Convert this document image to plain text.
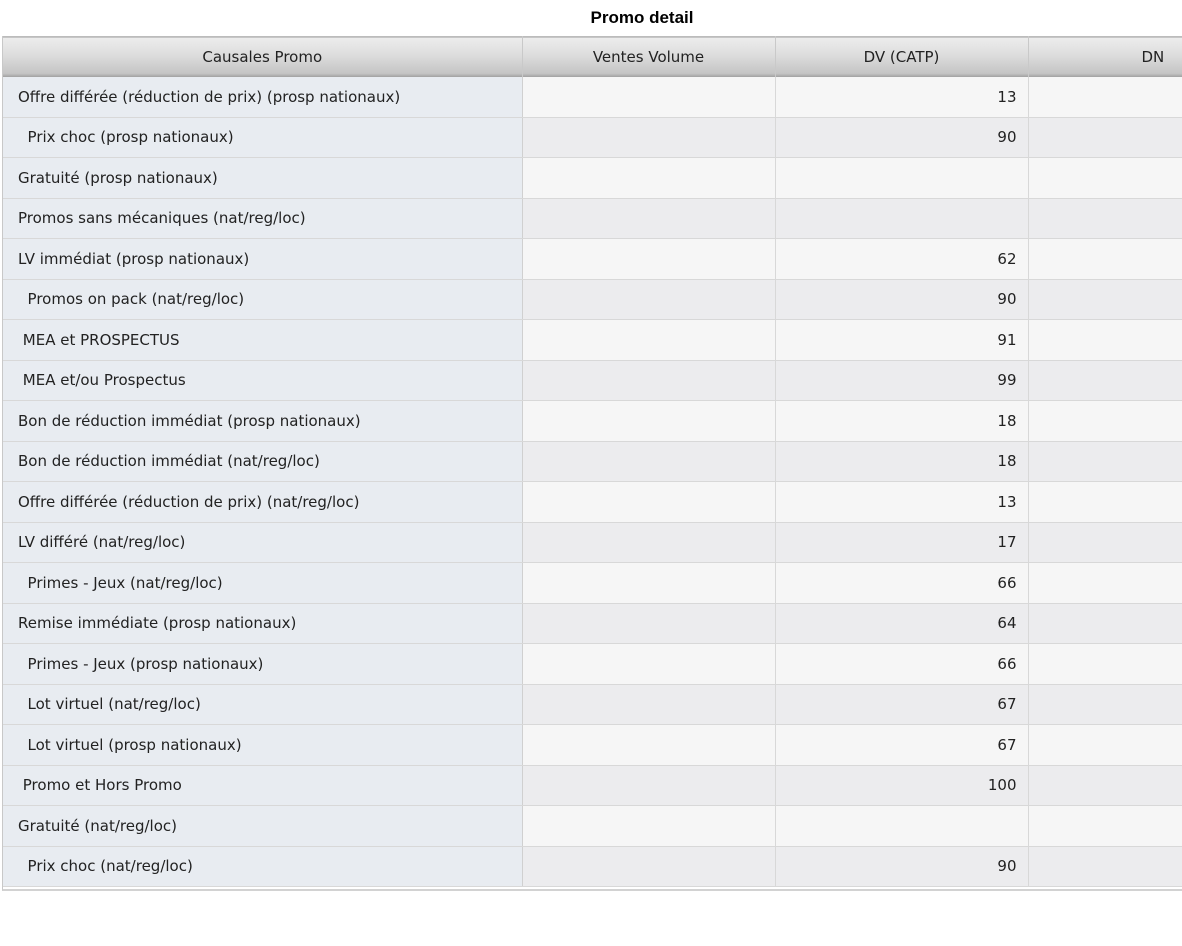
Promo detail
Causales Promo	Ventes Volume	DV (CATP)	DN
Offre différée (réduction de prix) (prosp nationaux)		13	
Prix choc (prosp nationaux)		90	
Gratuité (prosp nationaux)			
Promos sans mécaniques (nat/reg/loc)			
LV immédiat (prosp nationaux)		62	
Promos on pack (nat/reg/loc)		90	
MEA et PROSPECTUS		91	
MEA et/ou Prospectus		99	
Bon de réduction immédiat (prosp nationaux)		18	
Bon de réduction immédiat (nat/reg/loc)		18	
Offre différée (réduction de prix) (nat/reg/loc)		13	
LV différé (nat/reg/loc)		17	
Primes - Jeux (nat/reg/loc)		66	
Remise immédiate (prosp nationaux)		64	
Primes - Jeux (prosp nationaux)		66	
Lot virtuel (nat/reg/loc)		67	
Lot virtuel (prosp nationaux)		67	
Promo et Hors Promo		100	
Gratuité (nat/reg/loc)			
Prix choc (nat/reg/loc)		90	
